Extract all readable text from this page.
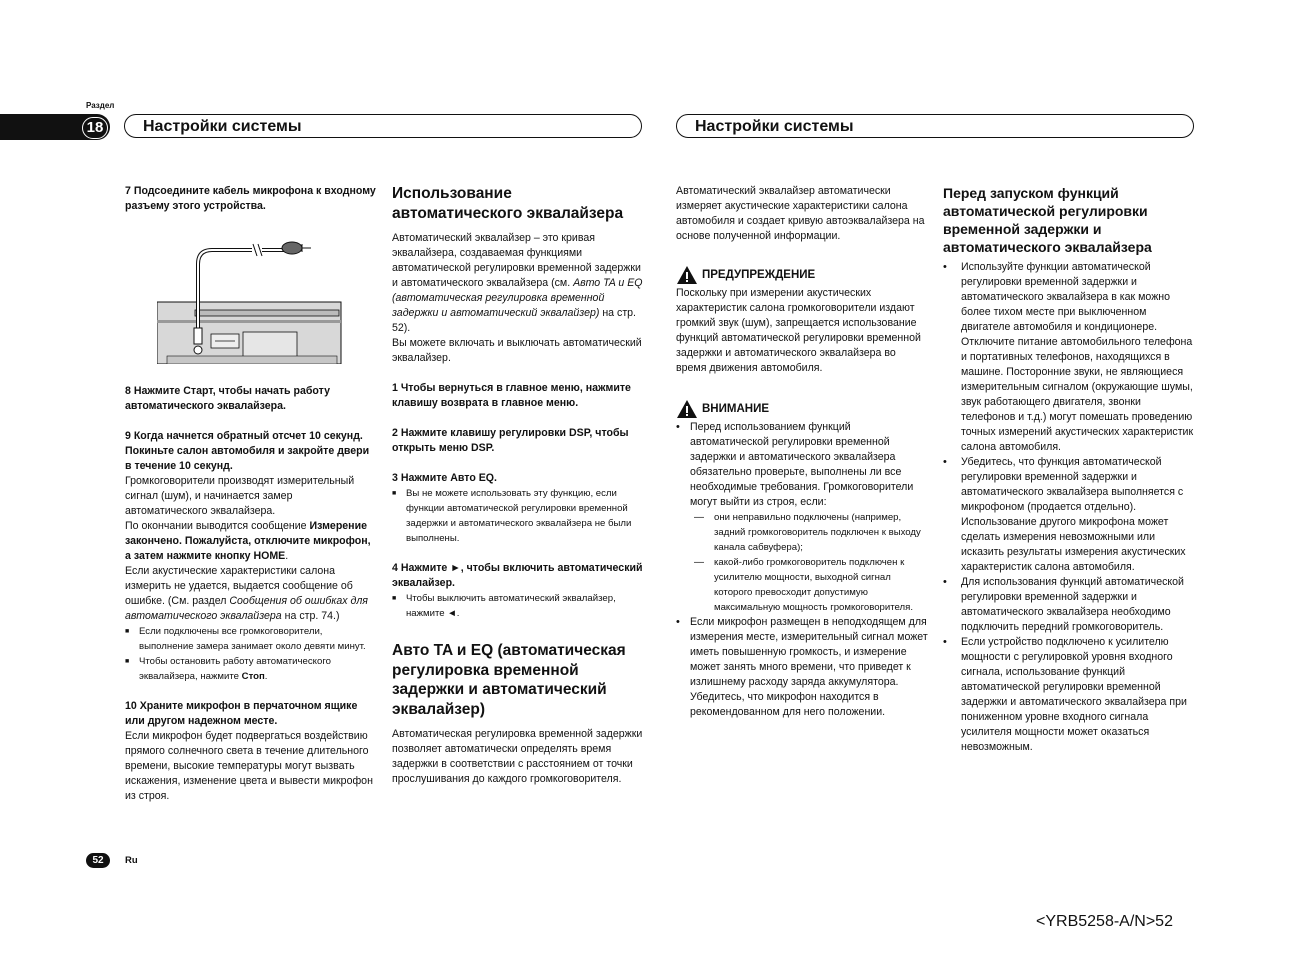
Раздел
18	Настройки системы	Настройки системы

7 Подсоедините кабель микрофона к входному разъему этого устройства.

8 Нажмите Старт, чтобы начать работу автоматического эквалайзера.

9 Когда начнется обратный отсчет 10 секунд. Покиньте салон автомобиля и закройте двери в течение 10 секунд.

Громкоговорители производят измерительный сигнал (шум), и начинается замер автоматического эквалайзера.

По окончании выводится сообщение Измерение закончено. Пожалуйста, отключите микрофон, а затем нажмите кнопку HOME.

Если акустические характеристики салона измерить не удается, выдается сообщение об ошибке. (См. раздел Сообщения об ошибках для автоматического эквалайзера на стр. 74.)

■	Если подключены все громкоговорители, выполнение замера занимает около девяти минут.
■	Чтобы остановить работу автоматического эквалайзера, нажмите Стоп.

10 Храните микрофон в перчаточном ящике или другом надежном месте.

Если микрофон будет подвергаться воздействию прямого солнечного света в течение длительного времени, высокие температуры могут вызвать искажения, изменение цвета и вывести микрофон из строя.

Использование автоматического эквалайзера

Автоматический эквалайзер – это кривая эквалайзера, создаваемая функциями автоматической регулировки временной задержки и автоматического эквалайзера (см. Авто TA и EQ (автоматическая регулировка временной задержки и автоматический эквалайзер) на стр. 52).

Вы можете включать и выключать автоматический эквалайзер.

1 Чтобы вернуться в главное меню, нажмите клавишу возврата в главное меню.

2 Нажмите клавишу регулировки DSP, чтобы открыть меню DSP.

3 Нажмите Авто EQ.

■	Вы не можете использовать эту функцию, если функции автоматической регулировки временной задержки и автоматического эквалайзера не были выполнены.

4 Нажмите ►, чтобы включить автоматический эквалайзер.

■	Чтобы выключить автоматический эквалайзер, нажмите ◄.

Авто TA и EQ (автоматическая регулировка временной задержки и автоматический эквалайзер)

Автоматическая регулировка временной задержки позволяет автоматически определять время задержки в соответствии с расстоянием от точки прослушивания до каждого громкоговорителя.

Автоматический эквалайзер автоматически измеряет акустические характеристики салона автомобиля и создает кривую автоэквалайзера на основе полученной информации.

ПРЕДУПРЕЖДЕНИЕ

Поскольку при измерении акустических характеристик салона громкоговорители издают громкий звук (шум), запрещается использование функций автоматической регулировки временной задержки и автоматического эквалайзера во время движения автомобиля.

ВНИМАНИЕ
• Перед использованием функций автоматической регулировки временной задержки и автоматического эквалайзера обязательно проверьте, выполнены ли все необходимые требования. Громкоговорители могут выйти из строя, если:
—	они неправильно подключены (например, задний громкоговоритель подключен к выходу канала сабвуфера);
—	какой-либо громкоговоритель подключен к усилителю мощности, выходной сигнал которого превосходит допустимую максимальную мощность громкоговорителя.
• Если микрофон размещен в неподходящем для измерения месте, измерительный сигнал может иметь повышенную громкость, и измерение может занять много времени, что приведет к излишнему расходу заряда аккумулятора. Убедитесь, что микрофон находится в рекомендованном для него положении.

Перед запуском функций автоматической регулировки временной задержки и автоматического эквалайзера

•	Используйте функции автоматической регулировки временной задержки и автоматического эквалайзера в как можно более тихом месте при выключенном двигателе автомобиля и кондиционере. Отключите питание автомобильного телефона и портативных телефонов, находящихся в машине. Посторонние звуки, не являющиеся измерительным сигналом (окружающие шумы, звук работающего двигателя, звонки телефонов и т.д.) могут помешать проведению точных измерений акустических характеристик салона автомобиля.
•	Убедитесь, что функция автоматической регулировки временной задержки и автоматического эквалайзера выполняется с микрофоном (продается отдельно). Использование другого микрофона может сделать измерения невозможными или исказить результаты измерения акустических характеристик салона автомобиля.
•	Для использования функций автоматической регулировки временной задержки и автоматического эквалайзера необходимо подключить передний громкоговоритель.
•	Если устройство подключено к усилителю мощности с регулировкой уровня входного сигнала, использование функций автоматической регулировки временной задержки и автоматического эквалайзера при пониженном уровне входного сигнала усилителя мощности может оказаться невозможным.
52	Ru
<YRB5258-A/N>52
